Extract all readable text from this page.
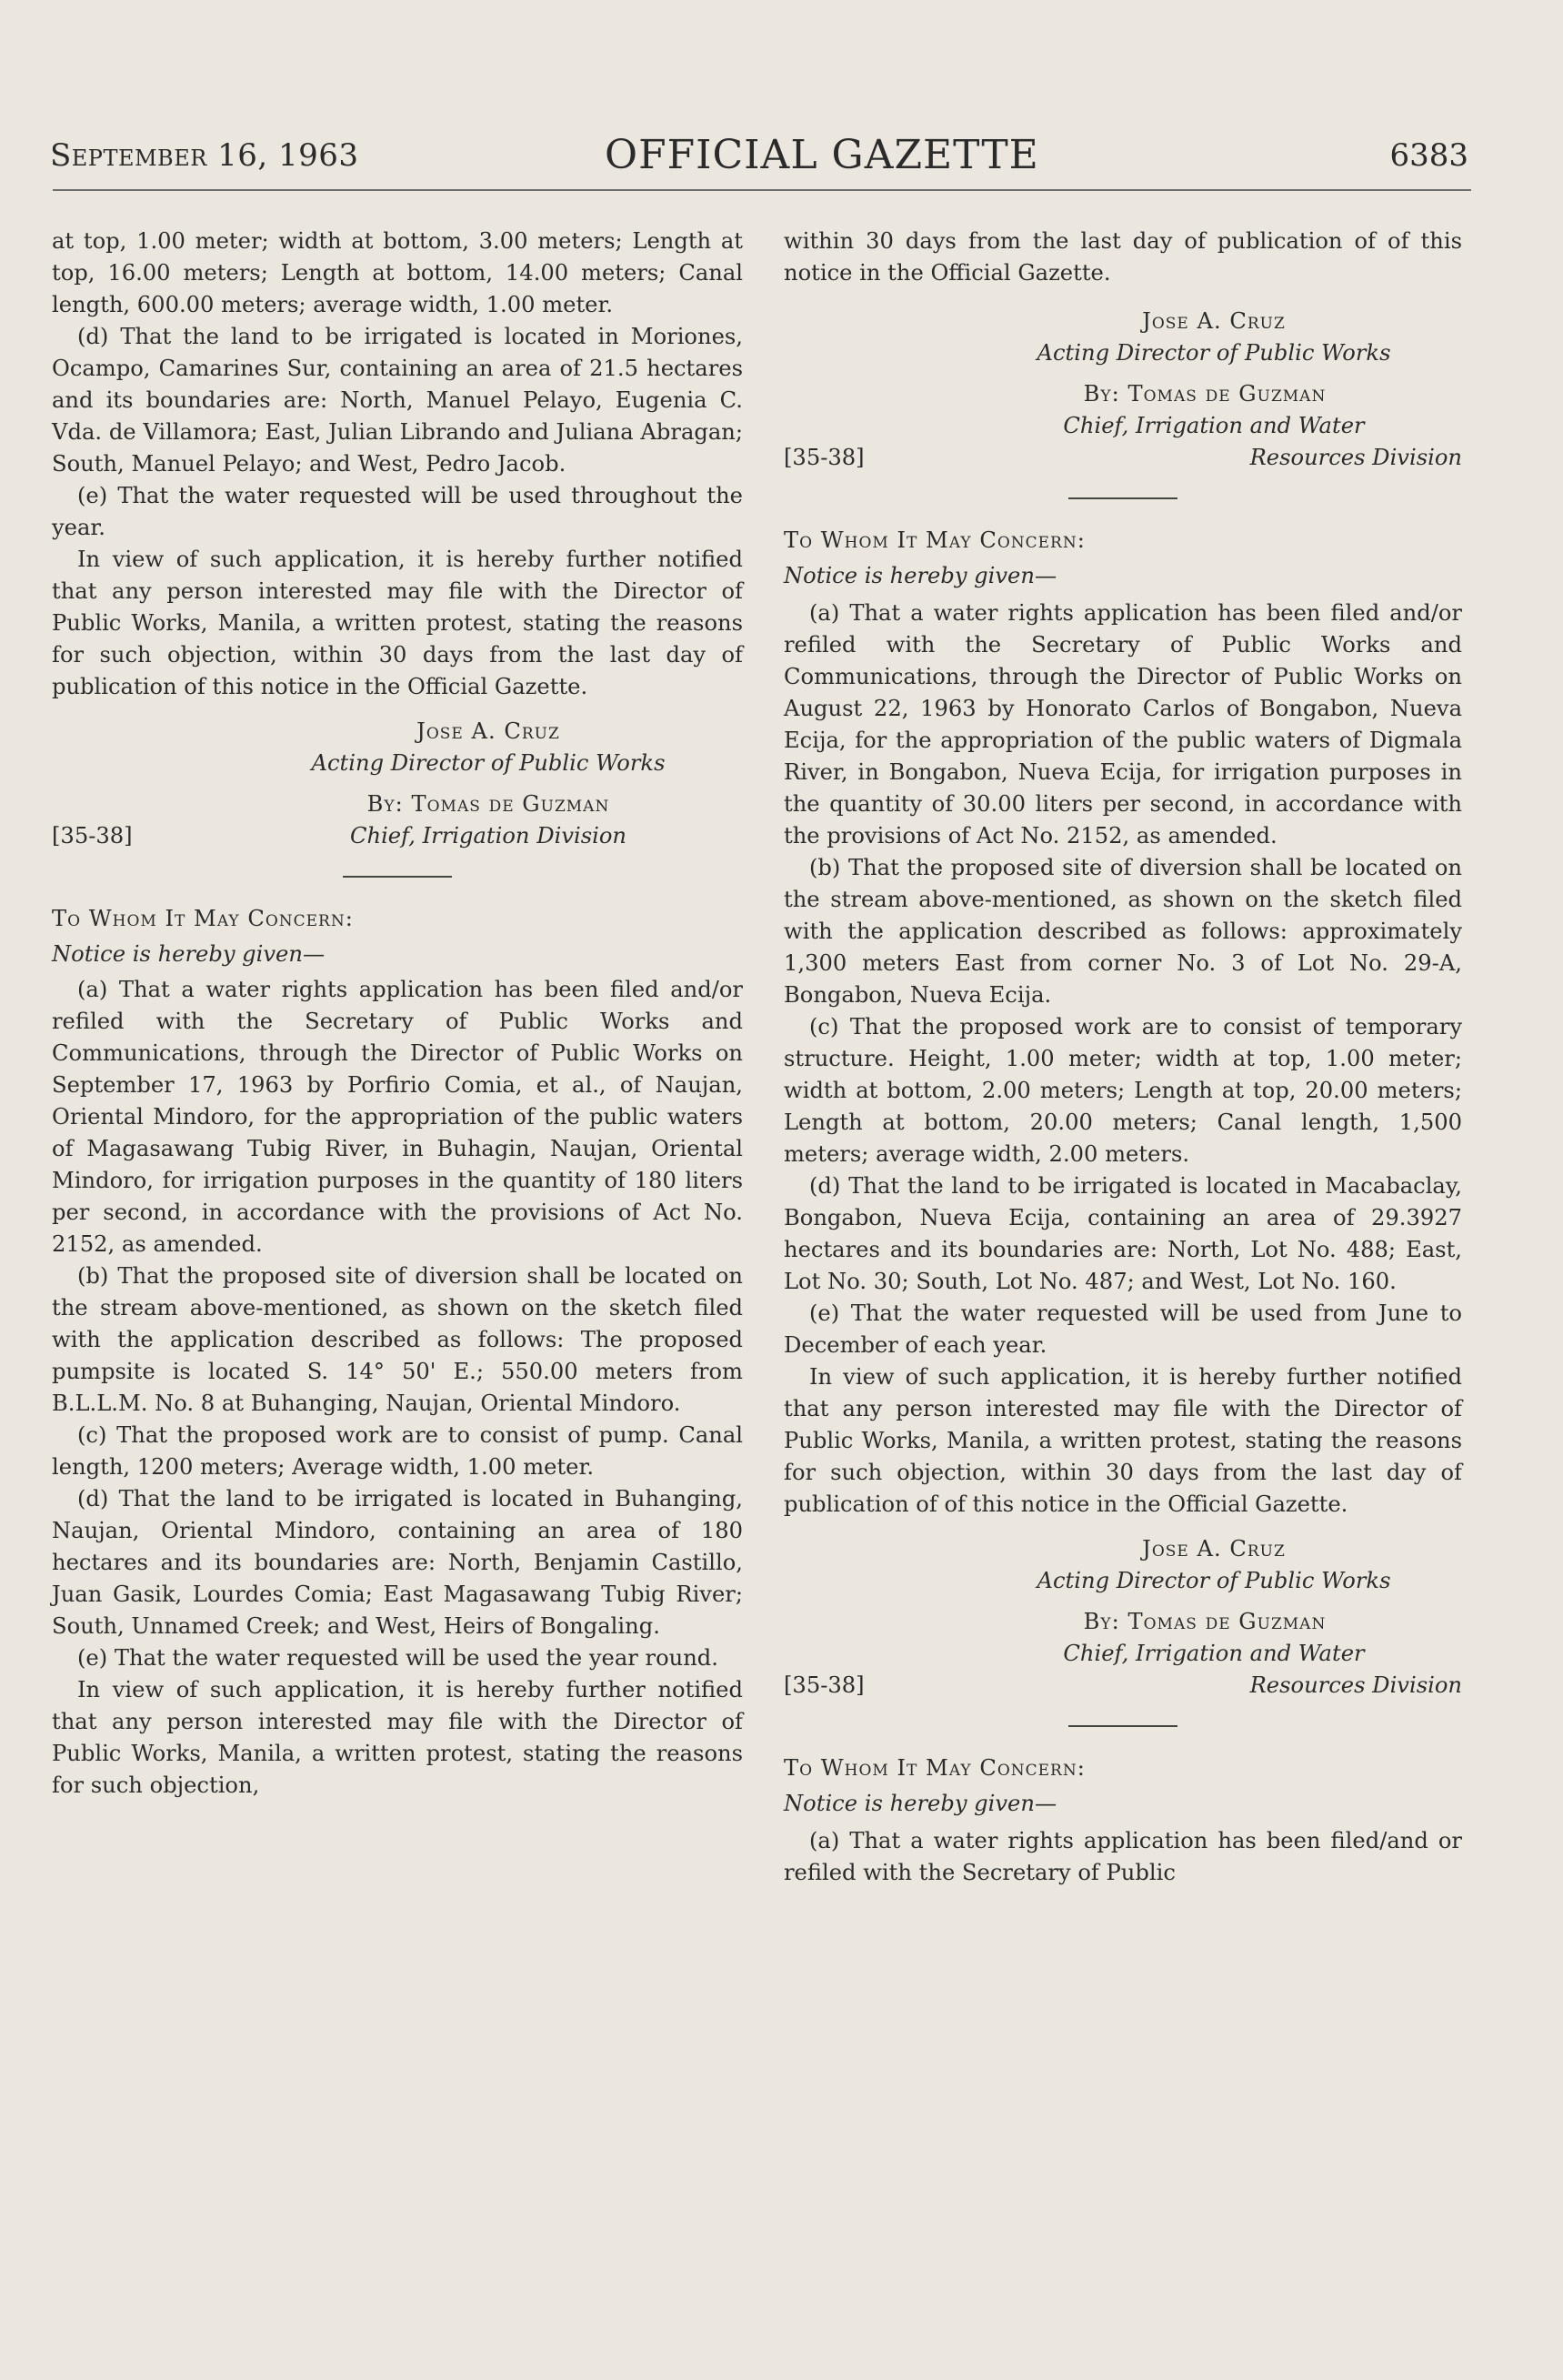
September 16, 1963	OFFICIAL GAZETTE	6383

at top, 1.00 meter; width at bottom, 3.00 meters; Length at top, 16.00 meters; Length at bottom, 14.00 meters; Canal length, 600.00 meters; average width, 1.00 meter.

(d) That the land to be irrigated is located in Moriones, Ocampo, Camarines Sur, containing an area of 21.5 hectares and its boundaries are: North, Manuel Pelayo, Eugenia C. Vda. de Villamora; East, Julian Librando and Juliana Abragan; South, Manuel Pelayo; and West, Pedro Jacob.

(e) That the water requested will be used throughout the year.

In view of such application, it is hereby further notified that any person interested may file with the Director of Public Works, Manila, a written protest, stating the reasons for such objection, within 30 days from the last day of publication of this notice in the Official Gazette.

Jose A. Cruz
Acting Director of Public Works
By: Tomas de Guzman
[35-38]	Chief, Irrigation Division

To Whom It May Concern:

Notice is hereby given—

(a) That a water rights application has been filed and/or refiled with the Secretary of Public Works and Communications, through the Director of Public Works on September 17, 1963 by Porfirio Comia, et al., of Naujan, Oriental Mindoro, for the appropriation of the public waters of Magasawang Tubig River, in Buhagin, Naujan, Oriental Mindoro, for irrigation purposes in the quantity of 180 liters per second, in accordance with the provisions of Act No. 2152, as amended.

(b) That the proposed site of diversion shall be located on the stream above-mentioned, as shown on the sketch filed with the application described as follows: The proposed pumpsite is located S. 14° 50' E.; 550.00 meters from B.L.L.M. No. 8 at Buhanging, Naujan, Oriental Mindoro.

(c) That the proposed work are to consist of pump. Canal length, 1200 meters; Average width, 1.00 meter.

(d) That the land to be irrigated is located in Buhanging, Naujan, Oriental Mindoro, containing an area of 180 hectares and its boundaries are: North, Benjamin Castillo, Juan Gasik, Lourdes Comia; East Magasawang Tubig River; South, Unnamed Creek; and West, Heirs of Bongaling.

(e) That the water requested will be used the year round.

In view of such application, it is hereby further notified that any person interested may file with the Director of Public Works, Manila, a written protest, stating the reasons for such objection,

within 30 days from the last day of publication of of this notice in the Official Gazette.

Jose A. Cruz
Acting Director of Public Works
By: Tomas de Guzman
Chief, Irrigation and Water
[35-38]	Resources Division

To Whom It May Concern:

Notice is hereby given—

(a) That a water rights application has been filed and/or refiled with the Secretary of Public Works and Communications, through the Director of Public Works on August 22, 1963 by Honorato Carlos of Bongabon, Nueva Ecija, for the appropriation of the public waters of Digmala River, in Bongabon, Nueva Ecija, for irrigation purposes in the quantity of 30.00 liters per second, in accordance with the provisions of Act No. 2152, as amended.

(b) That the proposed site of diversion shall be located on the stream above-mentioned, as shown on the sketch filed with the application described as follows: approximately 1,300 meters East from corner No. 3 of Lot No. 29-A, Bongabon, Nueva Ecija.

(c) That the proposed work are to consist of temporary structure. Height, 1.00 meter; width at top, 1.00 meter; width at bottom, 2.00 meters; Length at top, 20.00 meters; Length at bottom, 20.00 meters; Canal length, 1,500 meters; average width, 2.00 meters.

(d) That the land to be irrigated is located in Macabaclay, Bongabon, Nueva Ecija, containing an area of 29.3927 hectares and its boundaries are: North, Lot No. 488; East, Lot No. 30; South, Lot No. 487; and West, Lot No. 160.

(e) That the water requested will be used from June to December of each year.

In view of such application, it is hereby further notified that any person interested may file with the Director of Public Works, Manila, a written protest, stating the reasons for such objection, within 30 days from the last day of publication of of this notice in the Official Gazette.

Jose A. Cruz
Acting Director of Public Works
By: Tomas de Guzman
Chief, Irrigation and Water
[35-38]	Resources Division

To Whom It May Concern:

Notice is hereby given—

(a) That a water rights application has been filed/and or refiled with the Secretary of Public
